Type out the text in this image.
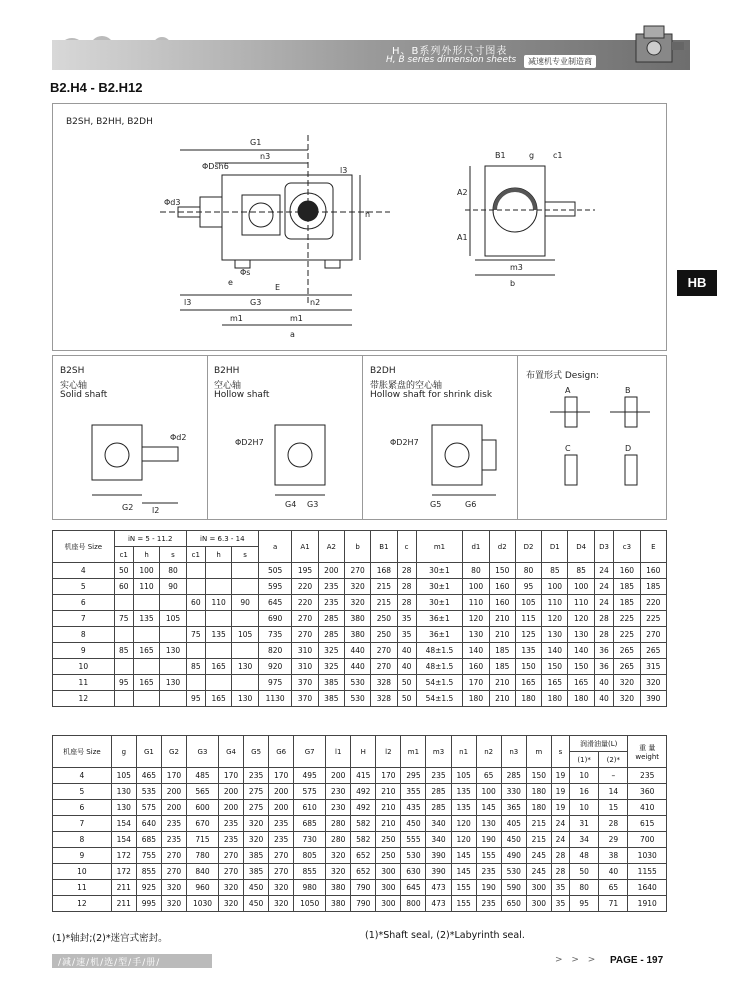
H、B系列外形尺寸图表
H, B series dimension sheets	减速机专业制造商
B2.H4 - B2.H12
HB
B2SH, B2HH, B2DH
G1
n3
ΦDsh6
Φd3
e
Φs
E
G3	n2
m1	m1
a
h
l3
l3
B1	g c1
A2
A1
m3
b
B2SH
实心轴
Solid shaft
B2HH
空心轴
Hollow shaft
B2DH
带胀紧盘的空心轴
Hollow shaft for shrink disk
布置形式 Design:
G2 l2
Φd2
G4 G3
ΦD2H7
G5	G6
ΦD2H7
A	B
C	D
机座号 Size	iN = 5 - 11.2			iN = 6.3 - 14			a	A1	A2	b	B1	c	m1	d1	d2	D2	D1	D4	D3	c3	E
	c1	h	s	c1	h	s															
4	50	100	80				505	195	200	270	168	28	30±1	80	150	80	85	85	24	160	160
5	60	110	90				595	220	235	320	215	28	30±1	100	160	95	100	100	24	185	185
6				60	110	90	645	220	235	320	215	28	30±1	110	160	105	110	110	24	185	220
7	75	135	105				690	270	285	380	250	35	36±1	120	210	115	120	120	28	225	225
8				75	135	105	735	270	285	380	250	35	36±1	130	210	125	130	130	28	225	270
9	85	165	130				820	310	325	440	270	40	48±1.5	140	185	135	140	140	36	265	265
10				85	165	130	920	310	325	440	270	40	48±1.5	160	185	150	150	150	36	265	315
11	95	165	130				975	370	385	530	328	50	54±1.5	170	210	165	165	165	40	320	320
12				95	165	130	1130	370	385	530	328	50	54±1.5	180	210	180	180	180	40	320	390
机座号 Size	g	G1	G2	G3	G4	G5	G6	G7	l1	H	l2	m1	m3	n1	n2	n3	m	s	润滑油量(L)		重 量
weight
																			(1)*	(2)*	
4	105	465	170	485	170	235	170	495	200	415	170	295	235	105	65	285	150	19	10	–	235
5	130	535	200	565	200	275	200	575	230	492	210	355	285	135	100	330	180	19	16	14	360
6	130	575	200	600	200	275	200	610	230	492	210	435	285	135	145	365	180	19	10	15	410
7	154	640	235	670	235	320	235	685	280	582	210	450	340	120	130	405	215	24	31	28	615
8	154	685	235	715	235	320	235	730	280	582	250	555	340	120	190	450	215	24	34	29	700
9	172	755	270	780	270	385	270	805	320	652	250	530	390	145	155	490	245	28	48	38	1030
10	172	855	270	840	270	385	270	855	320	652	300	630	390	145	235	530	245	28	50	40	1155
11	211	925	320	960	320	450	320	980	380	790	300	645	473	155	190	590	300	35	80	65	1640
12	211	995	320	1030	320	450	320	1050	380	790	300	800	473	155	235	650	300	35	95	71	1910
(1)*轴封;(2)*迷宫式密封。	(1)*Shaft seal, (2)*Labyrinth seal.
/减/速/机/选/型/手/册/	> > > PAGE - 197
